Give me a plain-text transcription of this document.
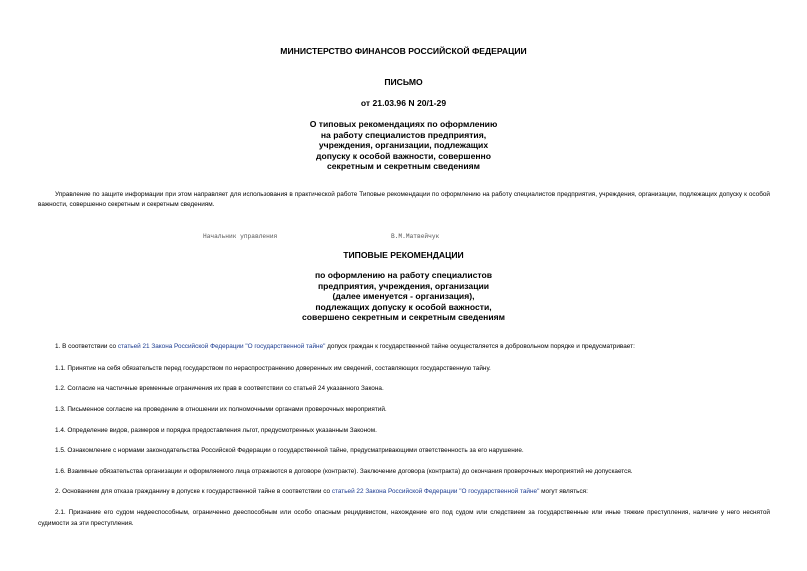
МИНИСТЕРСТВО ФИНАНСОВ РОССИЙСКОЙ ФЕДЕРАЦИИ
ПИСЬМО
от 21.03.96 N 20/1-29
О типовых рекомендациях по оформлению
на работу специалистов предприятия,
учреждения, организации, подлежащих
допуску к особой важности, совершенно
секретным и секретным сведениям
Управление по защите информации при этом направляет для использования в практической работе Типовые рекомендации по оформлению на работу специалистов предприятия, учреждения, организации, подлежащих допуску к особой важности, совершенно секретным и секретным сведениям.
Начальник управления	В.М.Матвейчук
ТИПОВЫЕ РЕКОМЕНДАЦИИ
по оформлению на работу специалистов
предприятия, учреждения, организации
(далее именуется - организация),
подлежащих допуску к особой важности,
совершено секретным и секретным сведениям
1. В соответствии со статьей 21 Закона Российской Федерации "О государственной тайне" допуск граждан к государственной тайне осуществляется в добровольном порядке и предусматривает:
1.1. Принятие на себя обязательств перед государством по нераспространению доверенных им сведений, составляющих государственную тайну.
1.2. Согласие на частичные временные ограничения их прав в соответствии со статьей 24 указанного Закона.
1.3. Письменное согласие на проведение в отношении их полномочными органами проверочных мероприятий.
1.4. Определение видов, размеров и порядка предоставления льгот, предусмотренных указанным Законом.
1.5. Ознакомление с нормами законодательства Российской Федерации о государственной тайне, предусматривающими ответственность за его нарушение.
1.6. Взаимные обязательства организации и оформляемого лица отражаются в договоре (контракте). Заключение договора (контракта) до окончания проверочных мероприятий не допускается.
2. Основанием для отказа гражданину в допуске к государственной тайне в соответствии со статьей 22 Закона Российской Федерации "О государственной тайне" могут являться:
2.1. Признание его судом недееспособным, ограниченно дееспособным или особо опасным рецидивистом, нахождение его под судом или следствием за государственные или иные тяжкие преступления, наличие у него неснятой судимости за эти преступления.
